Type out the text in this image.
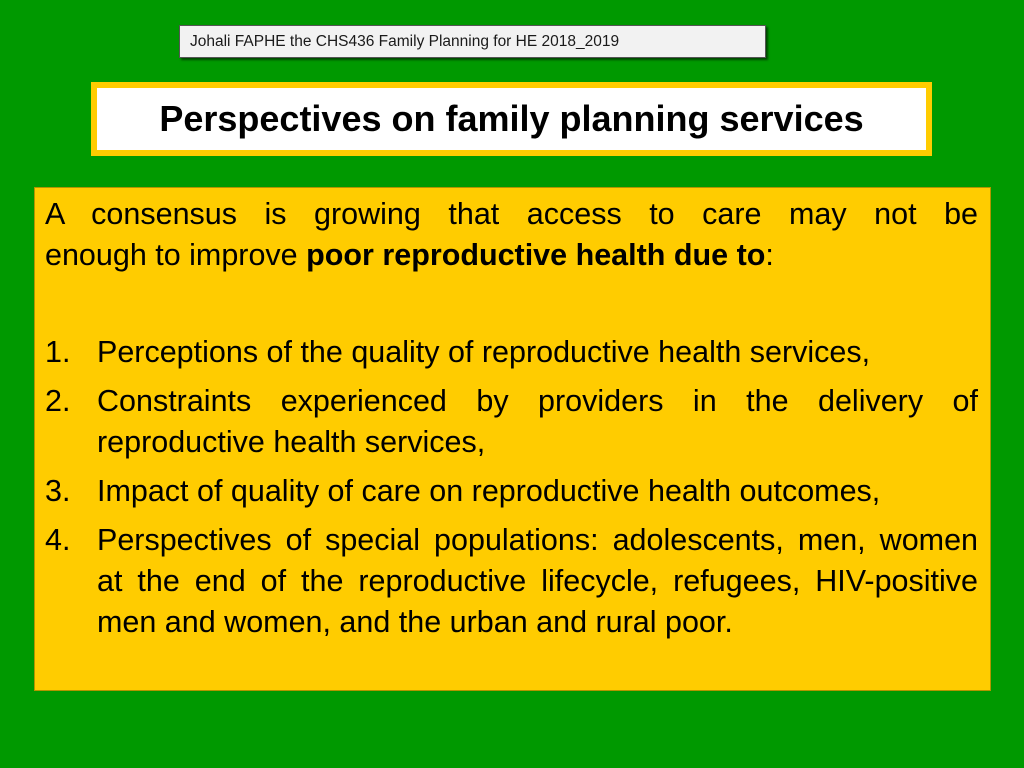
Johali FAPHE the CHS436 Family Planning for HE 2018_2019
Perspectives on family planning services

A consensus is growing that access to care may not be
enough to improve poor reproductive health due to:

1. Perceptions of the quality of reproductive health services,
2. Constraints experienced by providers in the delivery of reproductive health services,
3. Impact of quality of care on reproductive health outcomes,
4. Perspectives of special populations: adolescents, men, women at the end of the reproductive lifecycle, refugees, HIV-positive men and women, and the urban and rural poor.
